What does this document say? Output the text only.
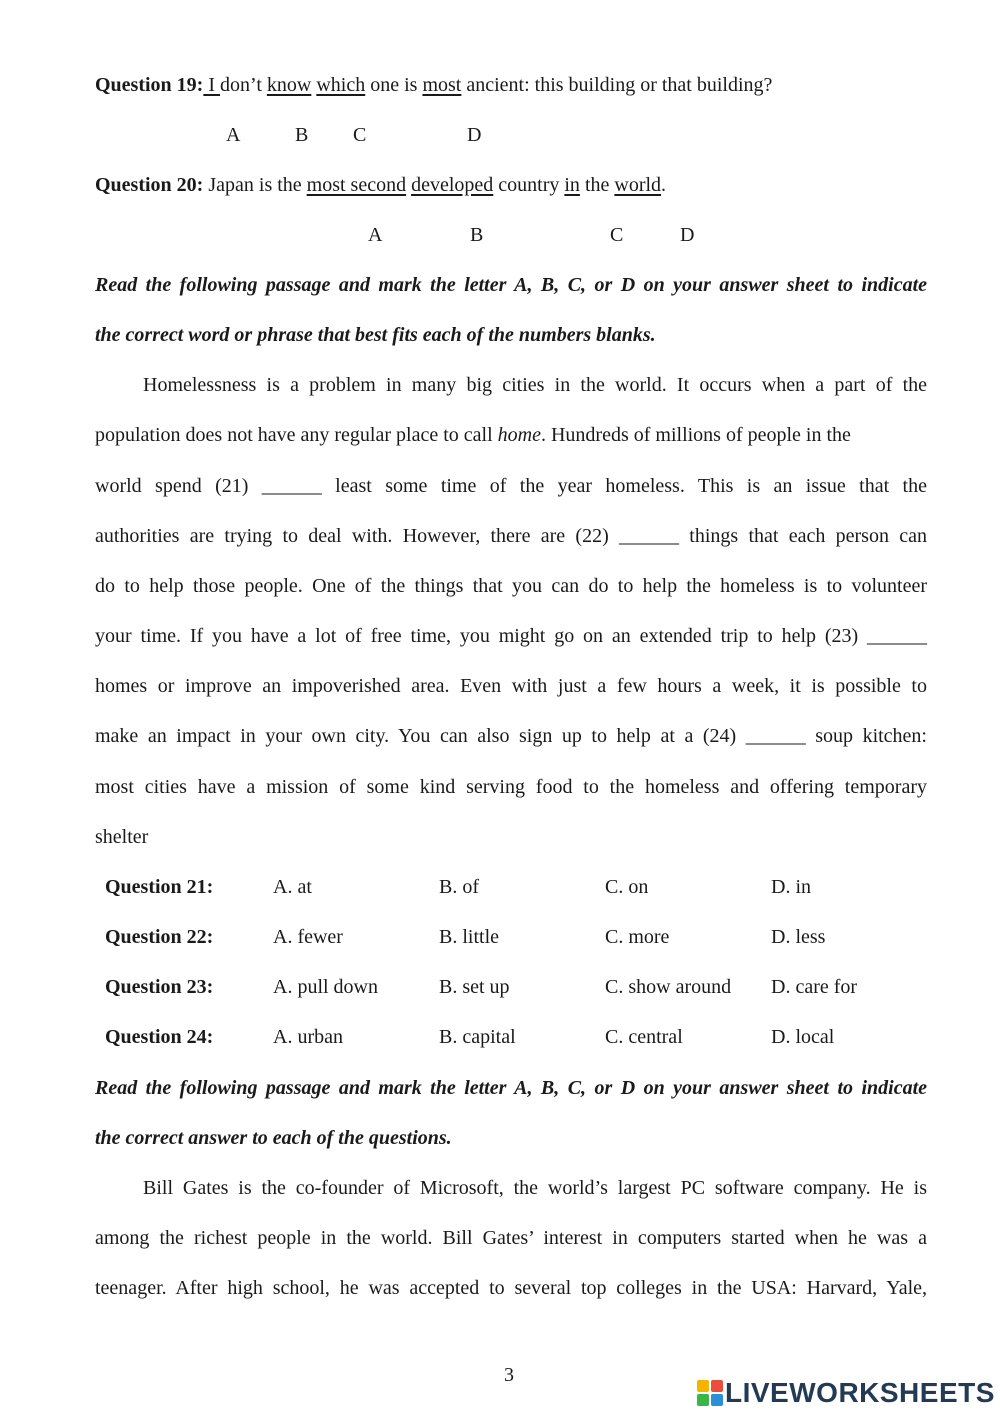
Question 19: I don’t know which one is most ancient: this building or that building?
A	B C	D
Question 20: Japan is the most second developed country in the world.
A	B	C	D
Read the following passage and mark the letter A, B, C, or D on your answer sheet to indicate
the correct word or phrase that best fits each of the numbers blanks.
Homelessness is a problem in many big cities in the world. It occurs when a part of the
population does not have any regular place to call home. Hundreds of millions of people in the
world spend (21) ______ least some time of the year homeless. This is an issue that the
authorities are trying to deal with. However, there are (22) ______ things that each person can
do to help those people. One of the things that you can do to help the homeless is to volunteer
your time. If you have a lot of free time, you might go on an extended trip to help (23) ______
homes or improve an impoverished area. Even with just a few hours a week, it is possible to
make an impact in your own city. You can also sign up to help at a (24) ______ soup kitchen:
most cities have a mission of some kind serving food to the homeless and offering temporary
shelter
Question 21:	A. at	B. of	C. on	D. in
Question 22:	A. fewer	B. little	C. more	D. less
Question 23:	A. pull down	B. set up	C. show around D. care for
Question 24:	A. urban	B. capital	C. central	D. local
Read the following passage and mark the letter A, B, C, or D on your answer sheet to indicate
the correct answer to each of the questions.
Bill Gates is the co-founder of Microsoft, the world’s largest PC software company. He is
among the richest people in the world. Bill Gates’ interest in computers started when he was a
teenager. After high school, he was accepted to several top colleges in the USA: Harvard, Yale,
3
LIVEWORKSHEETS
